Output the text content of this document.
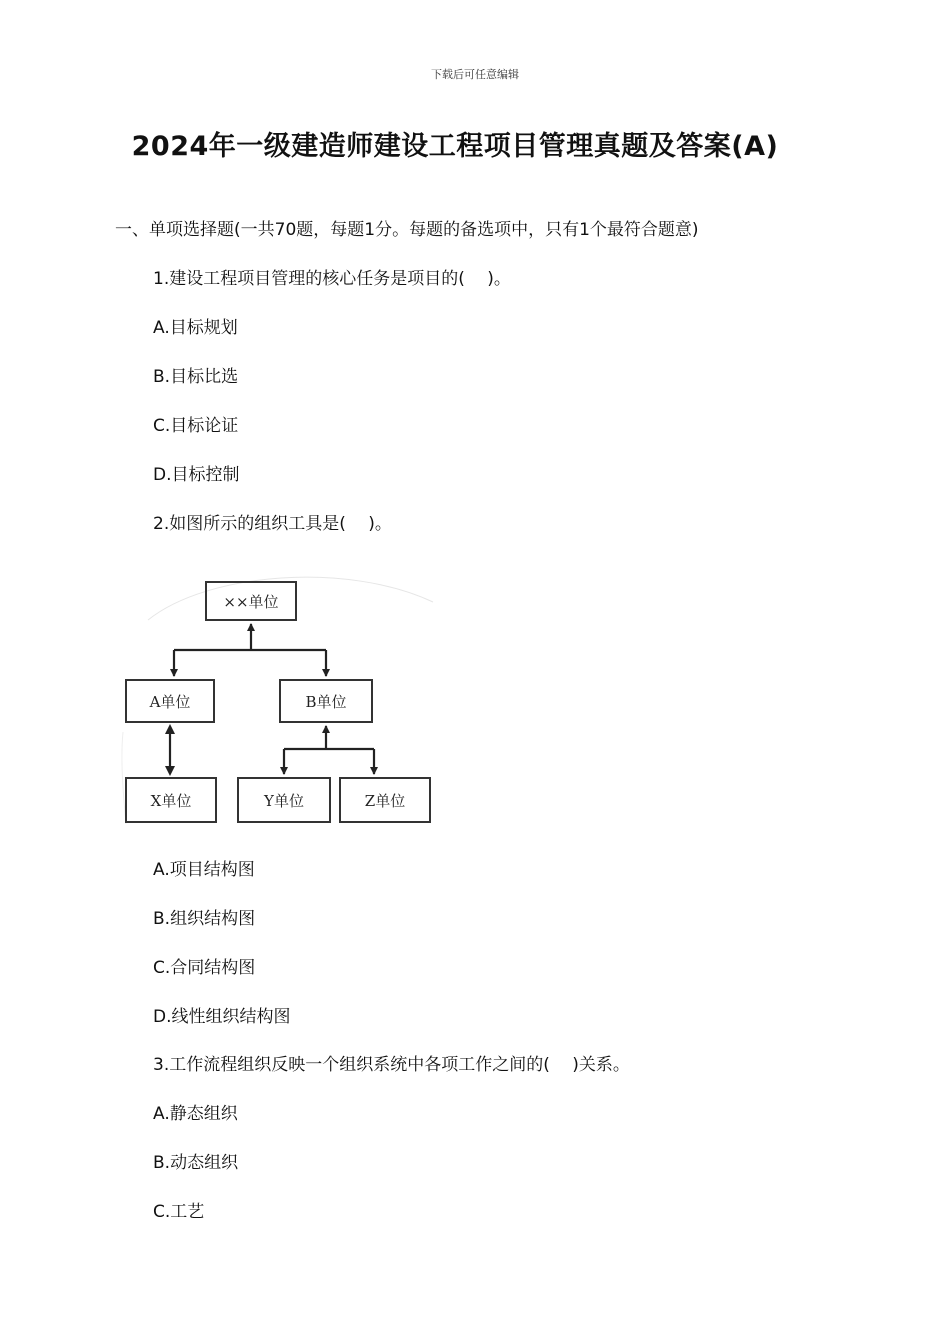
下载后可任意编辑
2024年一级建造师建设工程项目管理真题及答案(A)
一、单项选择题(一共70题，每题1分。每题的备选项中，只有1个最符合题意)
1.建设工程项目管理的核心任务是项目的(　 )。
A.目标规划
B.目标比选
C.目标论证
D.目标控制
2.如图所示的组织工具是(　 )。
××单位
A单位	B单位
X单位	Y单位	Z单位
A.项目结构图
B.组织结构图
C.合同结构图
D.线性组织结构图
3.工作流程组织反映一个组织系统中各项工作之间的(　 )关系。
A.静态组织
B.动态组织
C.工艺
